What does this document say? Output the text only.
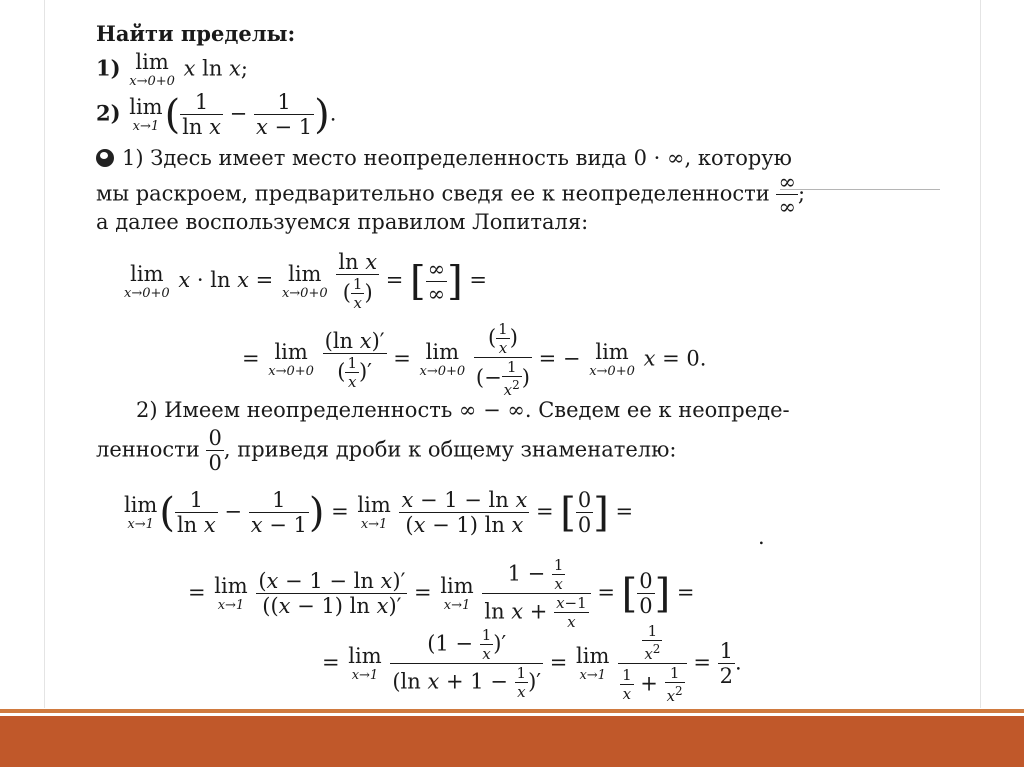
Найти пределы:
1) lim
x→0+0
x ln x;
2) lim
x→1 ( $\frac{1}{\text{ln x}} - \frac{1}{x - 1}$ ).
1) Здесь имеет место неопределенность вида 0 · ∞, которую
мы раскроем, предварительно сведя ее к неопределенности ∞
∞
;
а далее воспользуемся правилом Лопиталя:
lim
x→0+0
x · ln x = lim
x→0+0
$\frac{\text{ln x}}{( \frac{1}{x} )}$ = [ ∞
∞ ] =
= lim
x→0+0
$\frac{\text{(ln x)′}}{( \frac{1}{x} )'} = \lim$
x→0+0
$\frac{( \frac{1}{x} )}{(- \frac{1}{x^2} )}$ = − lim
x→0+0
x = 0.
2) Имеем неопределенность ∞ − ∞. Сведем ее к неопреде-
ленности $\frac{0}{0}$ , приведя дроби к общему знаменателю:
lim
x→1 ( $\frac{1}{\text{ln x}} - \frac{1}{x - 1}$ ) = lim
x→1
$\frac{\text{x − 1 − ln x}}{\text{(x − 1) ln x}}$ = [ $\frac{0}{0}$ ] =
= lim
x→1
$\frac{\text{(x − 1 − ln x)′}}{\text{((x − 1) ln x)′}} = \lim$
x→1
$\frac{1 - \frac{1}{x}}{\ln x + \frac{x-1}{x}}$ = [ $\frac{0}{0}$ ] =
= lim
x→1
$\frac{(1 - \frac{1}{x} )'}{(\ln x + 1 - \frac{1}{x} )'} = \lim$
x→1
$\frac{\frac{1}{x^2}}{\frac{1}{x} + \frac{1}{x^2}} = \frac{1}{2}$ .
.
